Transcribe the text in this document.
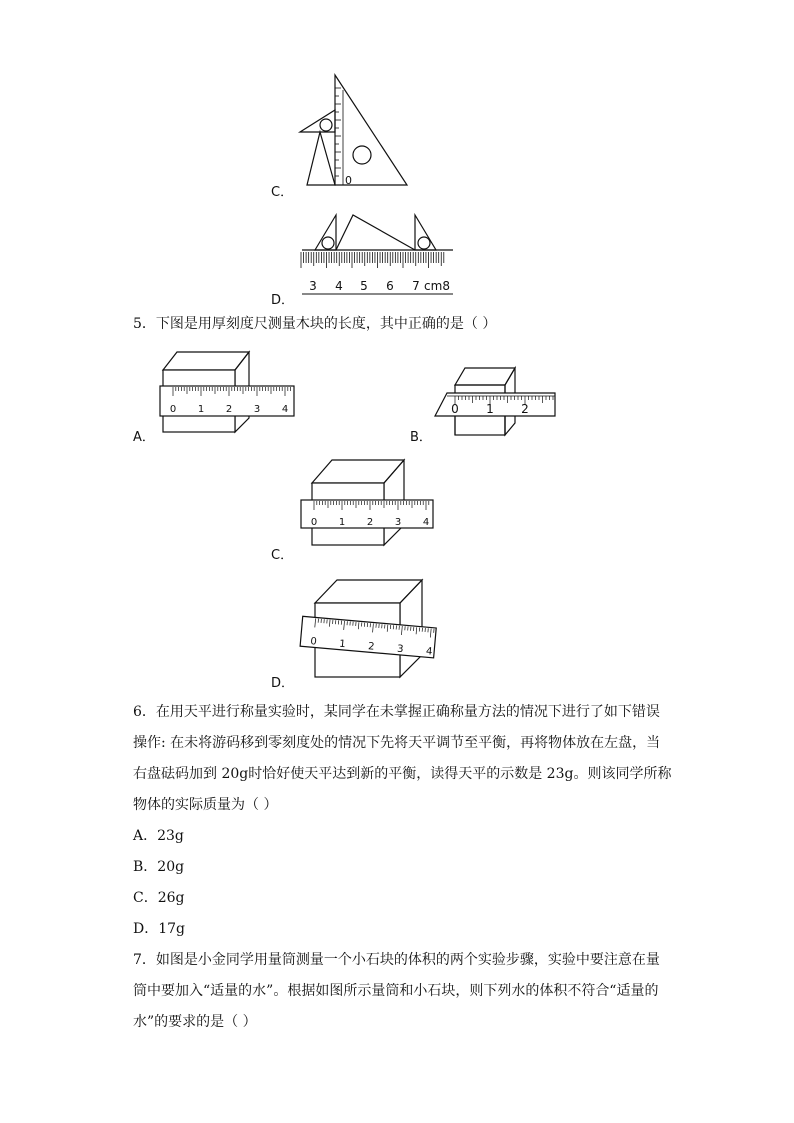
C．
0
D．
3 4 5 6 7 cm8
5．下图是用厚刻度尺测量木块的长度，其中正确的是（ ）
A．
0 1 2 3 4
B．
0 1 2
C．
0 1 2 3 4
D．
0 1 2 3 4
6．在用天平进行称量实验时，某同学在未掌握正确称量方法的情况下进行了如下错误
操作: 在未将游码移到零刻度处的情况下先将天平调节至平衡，再将物体放在左盘，当
右盘砝码加到 20g时恰好使天平达到新的平衡，读得天平的示数是 23g。则该同学所称
物体的实际质量为（ ）
A．23g
B．20g
C．26g
D．17g
7．如图是小金同学用量筒测量一个小石块的体积的两个实验步骤，实验中要注意在量
筒中要加入“适量的水”。根据如图所示量筒和小石块，则下列水的体积不符合“适量的
水”的要求的是（ ）
